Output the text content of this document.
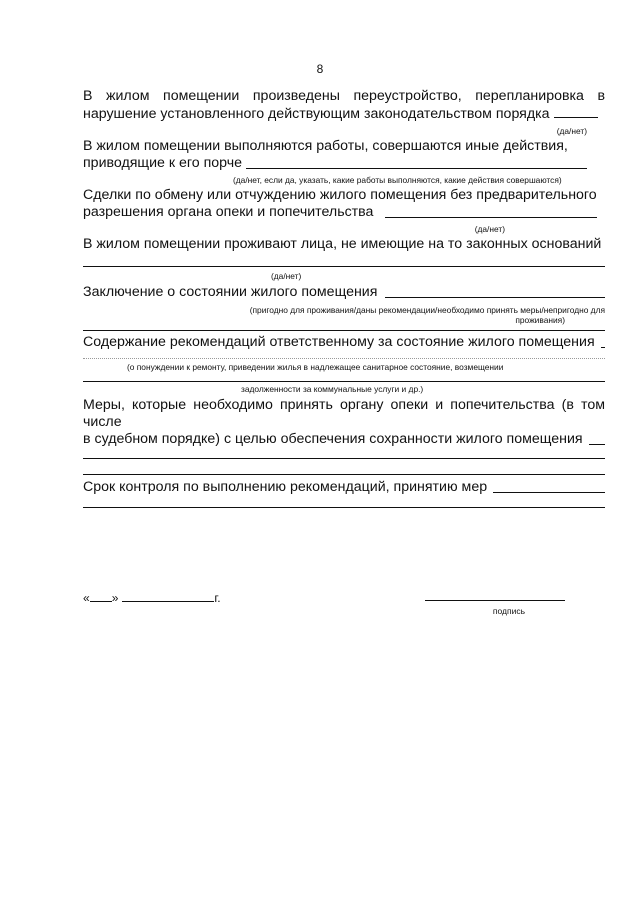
8
В жилом помещении произведены переустройство, перепланировка в нарушение установленного действующим законодательством порядка
(да/нет)
В жилом помещении выполняются работы, совершаются иные действия,
приводящие к его порче
(да/нет, если да, указать, какие работы выполняются, какие действия совершаются)
Сделки по обмену или отчуждению жилого помещения без предварительного
разрешения органа опеки и попечительства
(да/нет)
В жилом помещении проживают лица, не имеющие на то законных оснований
(да/нет)
Заключение о состоянии жилого помещения
(пригодно для проживания/даны рекомендации/необходимо принять меры/непригодно для
проживания)
Содержание рекомендаций ответственному за состояние жилого помещения
(о понуждении к ремонту, приведении жилья в надлежащее санитарное состояние, возмещении
задолженности за коммунальные услуги и др.)
Меры, которые необходимо принять органу опеки и попечительства (в том числе
в судебном порядке) с целью обеспечения сохранности жилого помещения
Срок контроля по выполнению рекомендаций, принятию мер
« »	г.
подпись
